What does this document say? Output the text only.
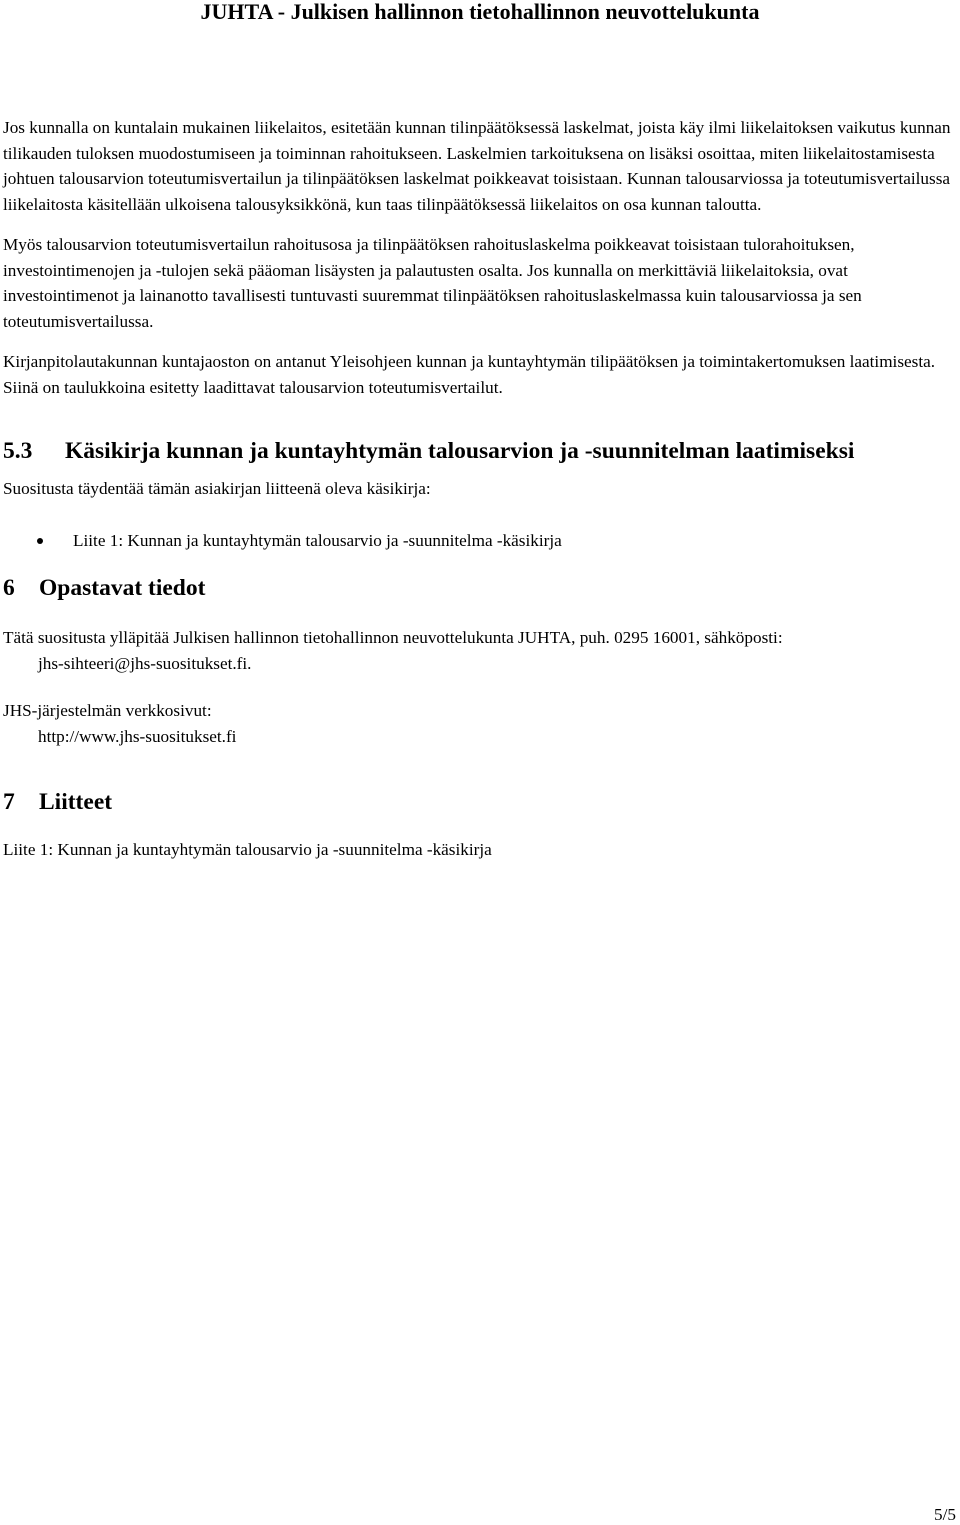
JUHTA - Julkisen hallinnon tietohallinnon neuvottelukunta

Jos kunnalla on kuntalain mukainen liikelaitos, esitetään kunnan tilinpäätöksessä laskelmat, joista käy ilmi liikelaitoksen vaikutus kunnan tilikauden tuloksen muodostumiseen ja toiminnan rahoitukseen. Laskelmien tarkoituksena on lisäksi osoittaa, miten liikelaitostamisesta johtuen talousarvion toteutumisvertailun ja tilinpäätöksen laskelmat poikkeavat toisistaan. Kunnan talousarviossa ja toteutumisvertailussa liikelaitosta käsitellään ulkoisena talousyksikkönä, kun taas tilinpäätöksessä liikelaitos on osa kunnan taloutta.

Myös talousarvion toteutumisvertailun rahoitusosa ja tilinpäätöksen rahoituslaskelma poikkeavat toisistaan tulorahoituksen, investointimenojen ja -tulojen sekä pääoman lisäysten ja palautusten osalta. Jos kunnalla on merkittäviä liikelaitoksia, ovat investointimenot ja lainanotto tavallisesti tuntuvasti suuremmat tilinpäätöksen rahoituslaskelmassa kuin talousarviossa ja sen toteutumisvertailussa.

Kirjanpitolautakunnan kuntajaoston on antanut Yleisohjeen kunnan ja kuntayhtymän tilipäätöksen ja toimintakertomuksen laatimisesta. Siinä on taulukkoina esitetty laadittavat talousarvion toteutumisvertailut.

5.3 Käsikirja kunnan ja kuntayhtymän talousarvion ja -suunnitelman laatimiseksi

Suositusta täydentää tämän asiakirjan liitteenä oleva käsikirja:

Liite 1: Kunnan ja kuntayhtymän talousarvio ja -suunnitelma -käsikirja
6 Opastavat tiedot

Tätä suositusta ylläpitää Julkisen hallinnon tietohallinnon neuvottelukunta JUHTA, puh. 0295 16001, sähköposti:

jhs-sihteeri@jhs-suositukset.fi.

JHS-järjestelmän verkkosivut:

http://www.jhs-suositukset.fi

7 Liitteet

Liite 1: Kunnan ja kuntayhtymän talousarvio ja -suunnitelma -käsikirja

5/5
